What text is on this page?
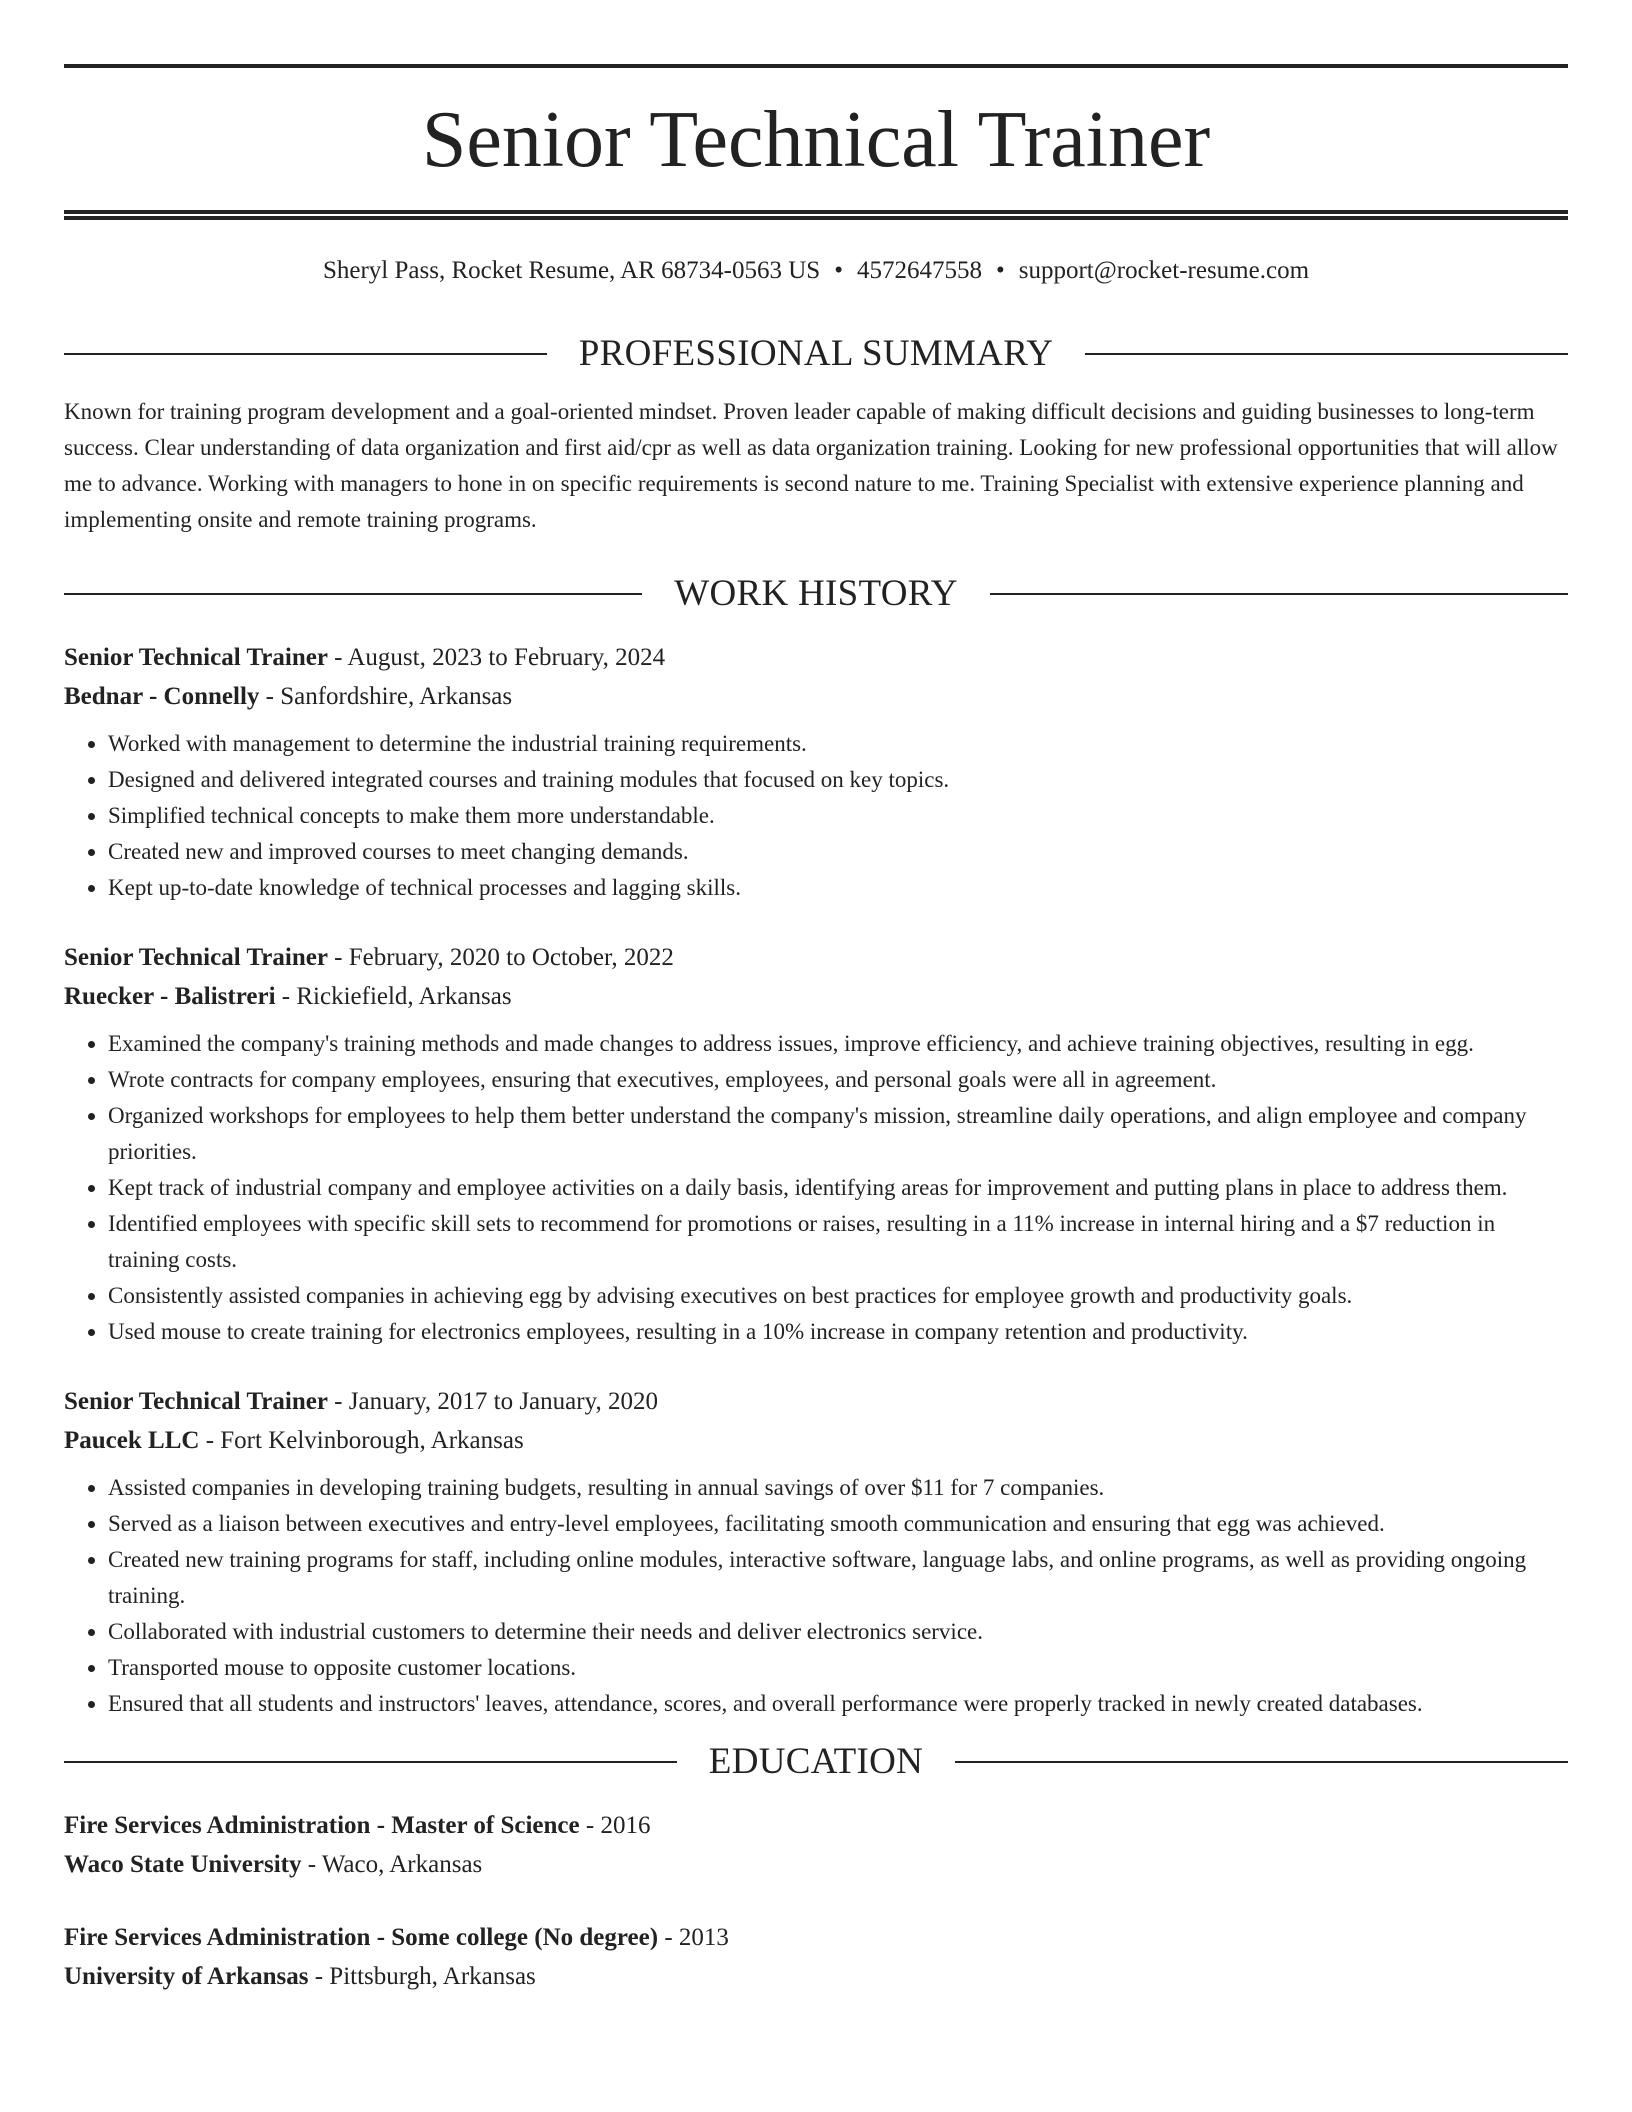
Senior Technical Trainer
Sheryl Pass, Rocket Resume, AR 68734-0563 US • 4572647558 • support@rocket-resume.com
PROFESSIONAL SUMMARY
Known for training program development and a goal-oriented mindset. Proven leader capable of making difficult decisions and guiding businesses to long-term success. Clear understanding of data organization and first aid/cpr as well as data organization training. Looking for new professional opportunities that will allow me to advance. Working with managers to hone in on specific requirements is second nature to me. Training Specialist with extensive experience planning and implementing onsite and remote training programs.
WORK HISTORY
Senior Technical Trainer - August, 2023 to February, 2024
Bednar - Connelly - Sanfordshire, Arkansas
• Worked with management to determine the industrial training requirements.
• Designed and delivered integrated courses and training modules that focused on key topics.
• Simplified technical concepts to make them more understandable.
• Created new and improved courses to meet changing demands.
• Kept up-to-date knowledge of technical processes and lagging skills.
Senior Technical Trainer - February, 2020 to October, 2022
Ruecker - Balistreri - Rickiefield, Arkansas
• Examined the company's training methods and made changes to address issues, improve efficiency, and achieve training objectives, resulting in egg.
• Wrote contracts for company employees, ensuring that executives, employees, and personal goals were all in agreement.
• Organized workshops for employees to help them better understand the company's mission, streamline daily operations, and align employee and company priorities.
• Kept track of industrial company and employee activities on a daily basis, identifying areas for improvement and putting plans in place to address them.
• Identified employees with specific skill sets to recommend for promotions or raises, resulting in a 11% increase in internal hiring and a $7 reduction in training costs.
• Consistently assisted companies in achieving egg by advising executives on best practices for employee growth and productivity goals.
• Used mouse to create training for electronics employees, resulting in a 10% increase in company retention and productivity.
Senior Technical Trainer - January, 2017 to January, 2020
Paucek LLC - Fort Kelvinborough, Arkansas
• Assisted companies in developing training budgets, resulting in annual savings of over $11 for 7 companies.
• Served as a liaison between executives and entry-level employees, facilitating smooth communication and ensuring that egg was achieved.
• Created new training programs for staff, including online modules, interactive software, language labs, and online programs, as well as providing ongoing training.
• Collaborated with industrial customers to determine their needs and deliver electronics service.
• Transported mouse to opposite customer locations.
• Ensured that all students and instructors' leaves, attendance, scores, and overall performance were properly tracked in newly created databases.
EDUCATION
Fire Services Administration - Master of Science - 2016
Waco State University - Waco, Arkansas
Fire Services Administration - Some college (No degree) - 2013
University of Arkansas - Pittsburgh, Arkansas
